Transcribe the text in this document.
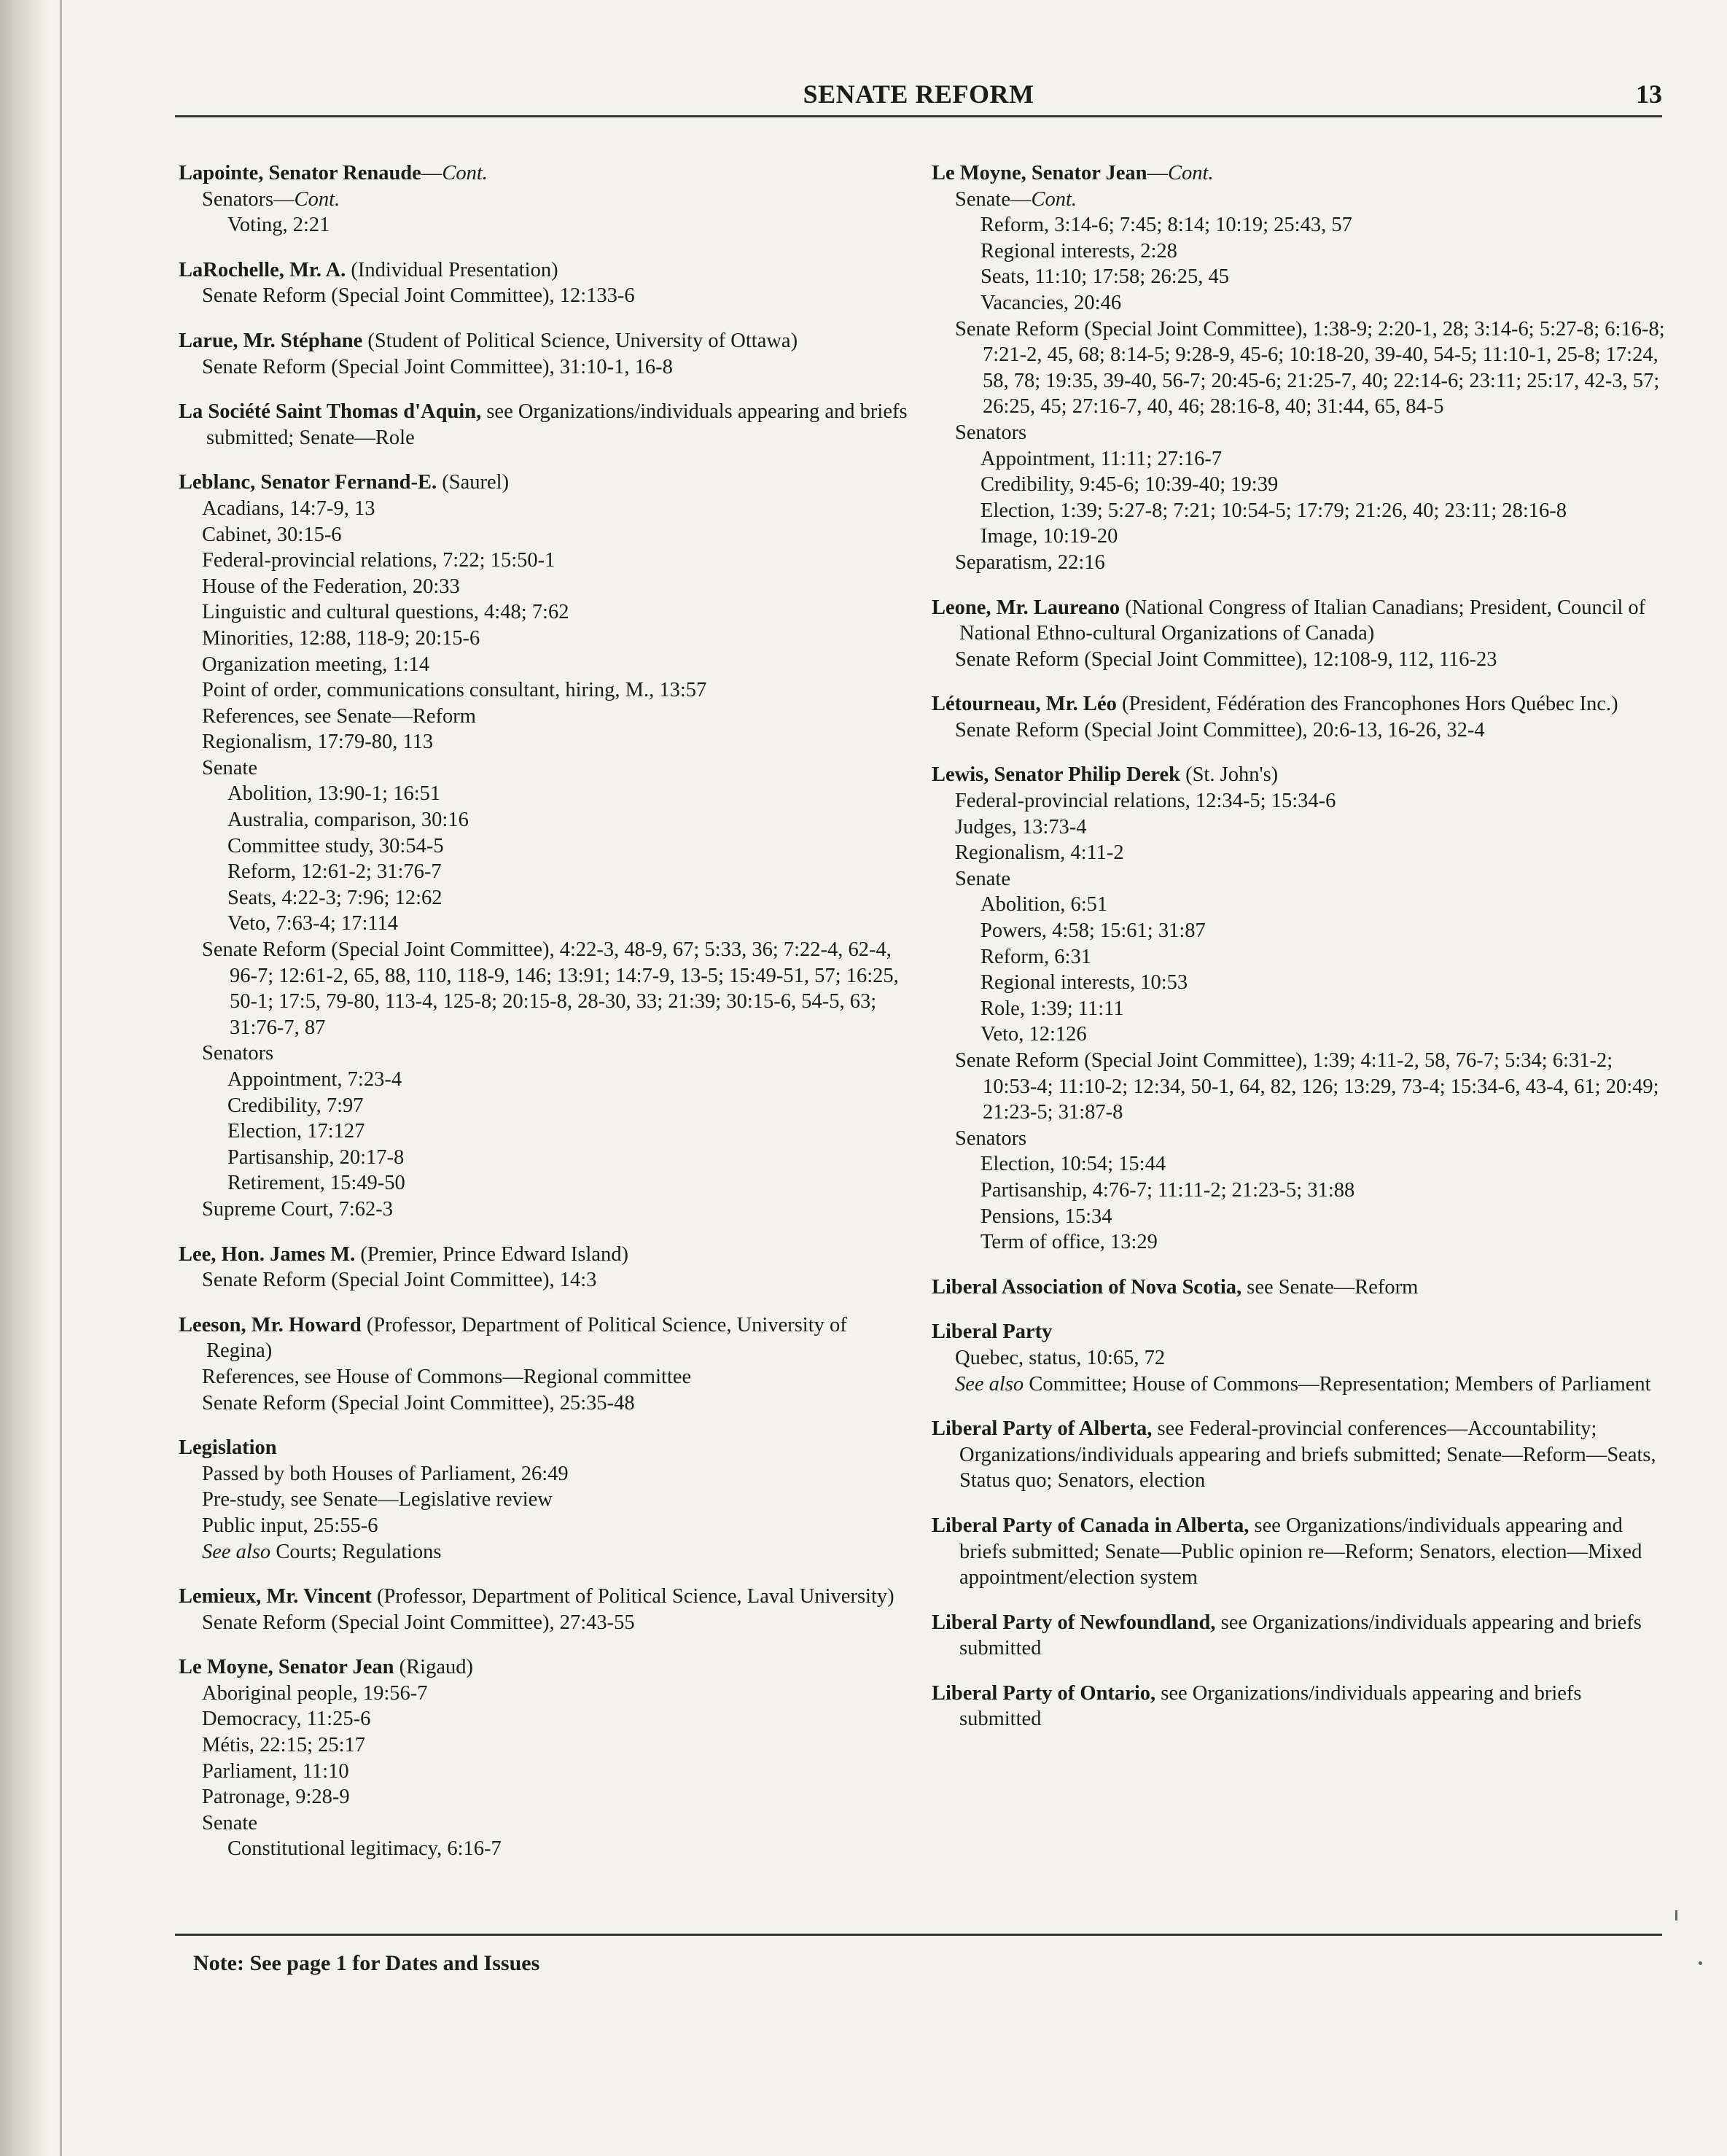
SENATE REFORM	13
Lapointe, Senator Renaude—Cont.
Senators—Cont.
Voting, 2:21
LaRochelle, Mr. A. (Individual Presentation)
Senate Reform (Special Joint Committee), 12:133-6
Larue, Mr. Stéphane (Student of Political Science, University of Ottawa)
Senate Reform (Special Joint Committee), 31:10-1, 16-8
La Société Saint Thomas d'Aquin, see Organizations/individuals appearing and briefs submitted; Senate—Role
Leblanc, Senator Fernand-E. (Saurel)
Acadians, 14:7-9, 13
Cabinet, 30:15-6
Federal-provincial relations, 7:22; 15:50-1
House of the Federation, 20:33
Linguistic and cultural questions, 4:48; 7:62
Minorities, 12:88, 118-9; 20:15-6
Organization meeting, 1:14
Point of order, communications consultant, hiring, M., 13:57
References, see Senate—Reform
Regionalism, 17:79-80, 113
Senate
Abolition, 13:90-1; 16:51
Australia, comparison, 30:16
Committee study, 30:54-5
Reform, 12:61-2; 31:76-7
Seats, 4:22-3; 7:96; 12:62
Veto, 7:63-4; 17:114
Senate Reform (Special Joint Committee), 4:22-3, 48-9, 67; 5:33, 36; 7:22-4, 62-4, 96-7; 12:61-2, 65, 88, 110, 118-9, 146; 13:91; 14:7-9, 13-5; 15:49-51, 57; 16:25, 50-1; 17:5, 79-80, 113-4, 125-8; 20:15-8, 28-30, 33; 21:39; 30:15-6, 54-5, 63; 31:76-7, 87
Senators
Appointment, 7:23-4
Credibility, 7:97
Election, 17:127
Partisanship, 20:17-8
Retirement, 15:49-50
Supreme Court, 7:62-3
Lee, Hon. James M. (Premier, Prince Edward Island)
Senate Reform (Special Joint Committee), 14:3
Leeson, Mr. Howard (Professor, Department of Political Science, University of Regina)
References, see House of Commons—Regional committee
Senate Reform (Special Joint Committee), 25:35-48
Legislation
Passed by both Houses of Parliament, 26:49
Pre-study, see Senate—Legislative review
Public input, 25:55-6
See also Courts; Regulations
Lemieux, Mr. Vincent (Professor, Department of Political Science, Laval University)
Senate Reform (Special Joint Committee), 27:43-55
Le Moyne, Senator Jean (Rigaud)
Aboriginal people, 19:56-7
Democracy, 11:25-6
Métis, 22:15; 25:17
Parliament, 11:10
Patronage, 9:28-9
Senate
Constitutional legitimacy, 6:16-7
Le Moyne, Senator Jean—Cont.
Senate—Cont.
Reform, 3:14-6; 7:45; 8:14; 10:19; 25:43, 57
Regional interests, 2:28
Seats, 11:10; 17:58; 26:25, 45
Vacancies, 20:46
Senate Reform (Special Joint Committee), 1:38-9; 2:20-1, 28; 3:14-6; 5:27-8; 6:16-8; 7:21-2, 45, 68; 8:14-5; 9:28-9, 45-6; 10:18-20, 39-40, 54-5; 11:10-1, 25-8; 17:24, 58, 78; 19:35, 39-40, 56-7; 20:45-6; 21:25-7, 40; 22:14-6; 23:11; 25:17, 42-3, 57; 26:25, 45; 27:16-7, 40, 46; 28:16-8, 40; 31:44, 65, 84-5
Senators
Appointment, 11:11; 27:16-7
Credibility, 9:45-6; 10:39-40; 19:39
Election, 1:39; 5:27-8; 7:21; 10:54-5; 17:79; 21:26, 40; 23:11; 28:16-8
Image, 10:19-20
Separatism, 22:16
Leone, Mr. Laureano (National Congress of Italian Canadians; President, Council of National Ethno-cultural Organizations of Canada)
Senate Reform (Special Joint Committee), 12:108-9, 112, 116-23
Létourneau, Mr. Léo (President, Fédération des Francophones Hors Québec Inc.)
Senate Reform (Special Joint Committee), 20:6-13, 16-26, 32-4
Lewis, Senator Philip Derek (St. John's)
Federal-provincial relations, 12:34-5; 15:34-6
Judges, 13:73-4
Regionalism, 4:11-2
Senate
Abolition, 6:51
Powers, 4:58; 15:61; 31:87
Reform, 6:31
Regional interests, 10:53
Role, 1:39; 11:11
Veto, 12:126
Senate Reform (Special Joint Committee), 1:39; 4:11-2, 58, 76-7; 5:34; 6:31-2; 10:53-4; 11:10-2; 12:34, 50-1, 64, 82, 126; 13:29, 73-4; 15:34-6, 43-4, 61; 20:49; 21:23-5; 31:87-8
Senators
Election, 10:54; 15:44
Partisanship, 4:76-7; 11:11-2; 21:23-5; 31:88
Pensions, 15:34
Term of office, 13:29
Liberal Association of Nova Scotia, see Senate—Reform
Liberal Party
Quebec, status, 10:65, 72
See also Committee; House of Commons—Representation; Members of Parliament
Liberal Party of Alberta, see Federal-provincial conferences—Accountability; Organizations/individuals appearing and briefs submitted; Senate—Reform—Seats, Status quo; Senators, election
Liberal Party of Canada in Alberta, see Organizations/individuals appearing and briefs submitted; Senate—Public opinion re—Reform; Senators, election—Mixed appointment/election system
Liberal Party of Newfoundland, see Organizations/individuals appearing and briefs submitted
Liberal Party of Ontario, see Organizations/individuals appearing and briefs submitted
Note: See page 1 for Dates and Issues
